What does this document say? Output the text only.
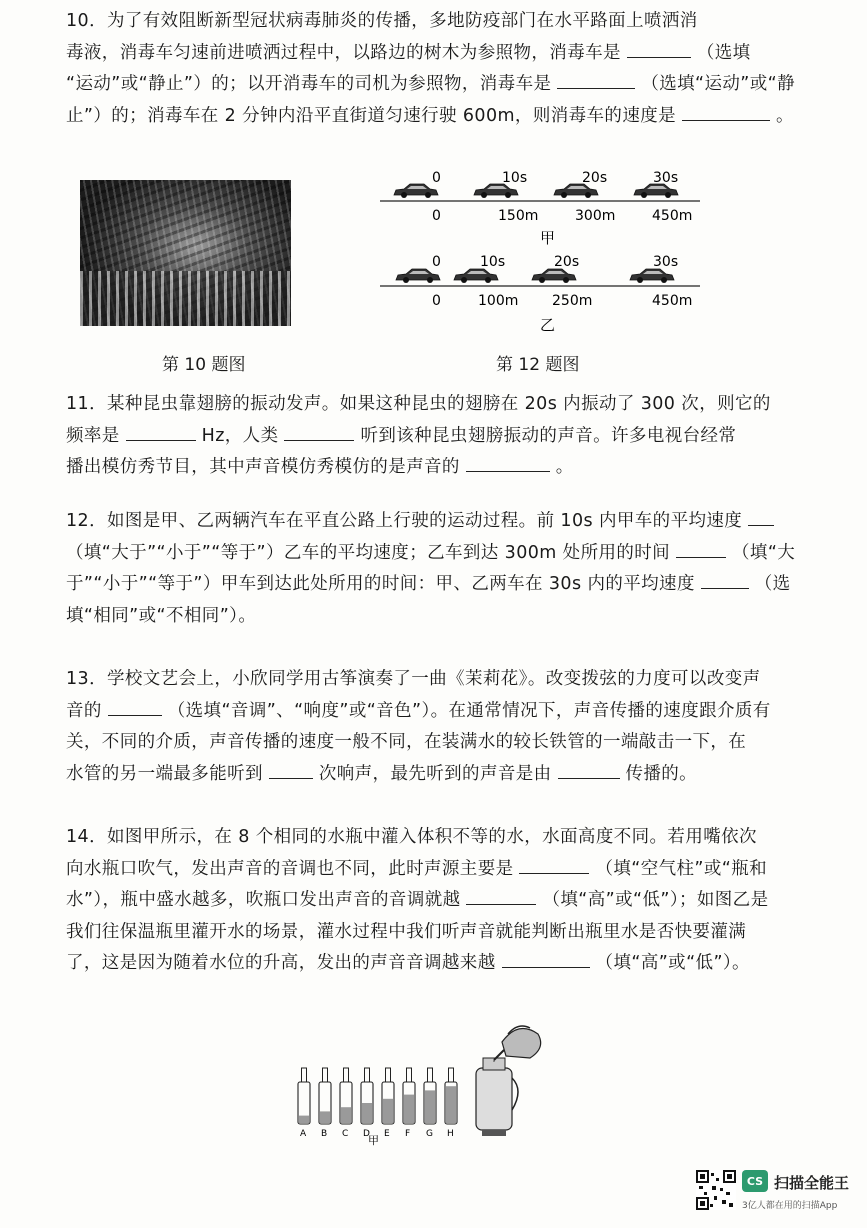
10．为了有效阻断新型冠状病毒肺炎的传播，多地防疫部门在水平路面上喷洒消
毒液，消毒车匀速前进喷洒过程中，以路边的树木为参照物，消毒车是	（选填
“运动”或“静止”）的；以开消毒车的司机为参照物，消毒车是	（选填“运动”或“静
止”）的；消毒车在 2 分钟内沿平直街道匀速行驶 600m，则消毒车的速度是	。
第 10 题图
0	10s	20s	30s
0	150m	300m	450m
甲
0	10s	20s	30s
0	100m 250m	450m
乙
第 12 题图
11．某种昆虫靠翅膀的振动发声。如果这种昆虫的翅膀在 20s 内振动了 300 次，则它的
频率是	Hz，人类	听到该种昆虫翅膀振动的声音。许多电视台经常
播出模仿秀节目，其中声音模仿秀模仿的是声音的	。
12．如图是甲、乙两辆汽车在平直公路上行驶的运动过程。前 10s 内甲车的平均速度
（填“大于”“小于”“等于”）乙车的平均速度；乙车到达 300m 处所用的时间	（填“大
于”“小于”“等于”）甲车到达此处所用的时间：甲、乙两车在 30s 内的平均速度	（选
填“相同”或“不相同”）。
13．学校文艺会上，小欣同学用古筝演奏了一曲《茉莉花》。改变拨弦的力度可以改变声
音的	（选填“音调”、“响度”或“音色”）。在通常情况下，声音传播的速度跟介质有
关，不同的介质，声音传播的速度一般不同，在装满水的较长铁管的一端敲击一下，在
水管的另一端最多能听到	次响声，最先听到的声音是由	传播的。
14．如图甲所示，在 8 个相同的水瓶中灌入体积不等的水，水面高度不同。若用嘴依次
向水瓶口吹气，发出声音的音调也不同，此时声源主要是	（填“空气柱”或“瓶和
水”），瓶中盛水越多，吹瓶口发出声音的音调就越	（填“高”或“低”）；如图乙是
我们往保温瓶里灌开水的场景，灌水过程中我们听声音就能判断出瓶里水是否快要灌满
了，这是因为随着水位的升高，发出的声音音调越来越	（填“高”或“低”）。
A B C D E F G H
甲
CS 扫描全能王
3亿人都在用的扫描App
